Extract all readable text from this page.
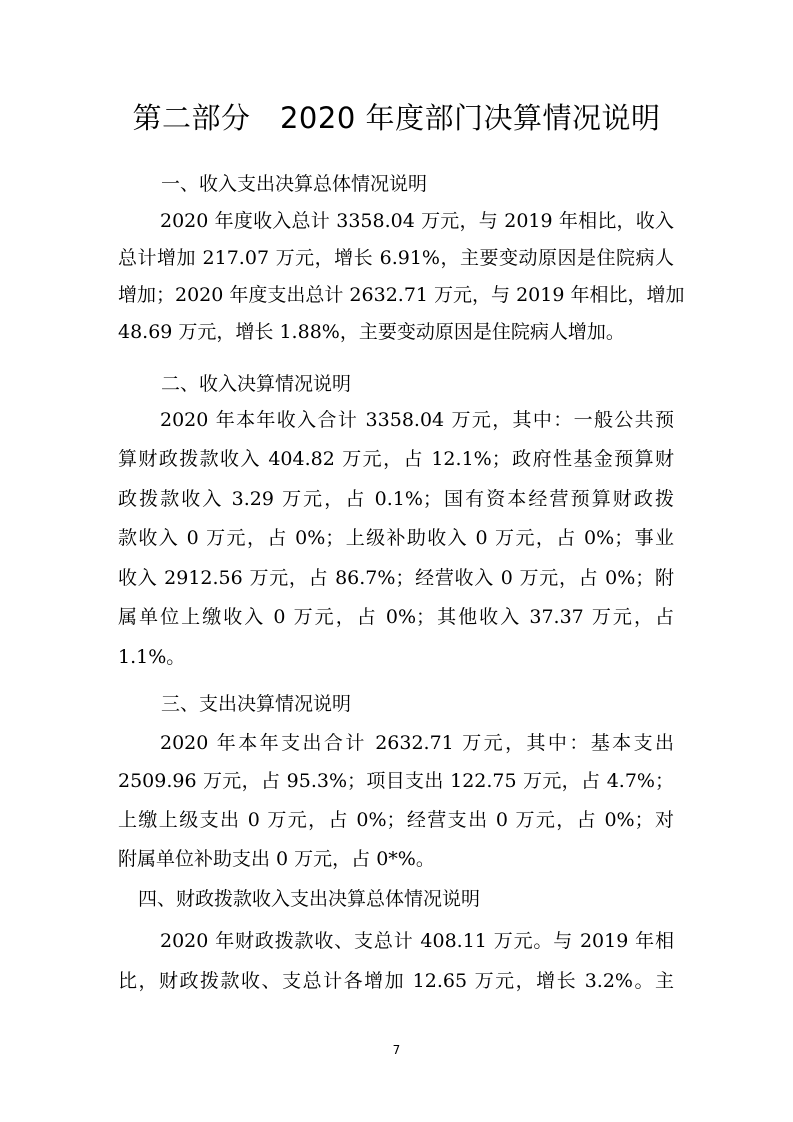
第二部分　2020 年度部门决算情况说明
一、收入支出决算总体情况说明
2020 年度收入总计 3358.04 万元，与 2019 年相比，收入
总计增加 217.07 万元，增长 6.91%，主要变动原因是住院病人
增加；2020 年度支出总计 2632.71 万元，与 2019 年相比，增加
48.69 万元，增长 1.88%，主要变动原因是住院病人增加。
二、收入决算情况说明
2020 年本年收入合计 3358.04 万元，其中：一般公共预
算财政拨款收入 404.82 万元，占 12.1%；政府性基金预算财
政拨款收入 3.29 万元，占 0.1%；国有资本经营预算财政拨
款收入 0 万元，占 0%；上级补助收入 0 万元，占 0%；事业
收入 2912.56 万元，占 86.7%；经营收入 0 万元，占 0%；附
属单位上缴收入 0 万元，占 0%；其他收入 37.37 万元，占
1.1%。
三、支出决算情况说明
2020 年本年支出合计 2632.71 万元，其中：基本支出
2509.96 万元，占 95.3%；项目支出 122.75 万元，占 4.7%；
上缴上级支出 0 万元，占 0%；经营支出 0 万元，占 0%；对
附属单位补助支出 0 万元，占 0*%。
四、财政拨款收入支出决算总体情况说明
2020 年财政拨款收、支总计 408.11 万元。与 2019 年相
比，财政拨款收、支总计各增加 12.65 万元，增长 3.2%。主
7
